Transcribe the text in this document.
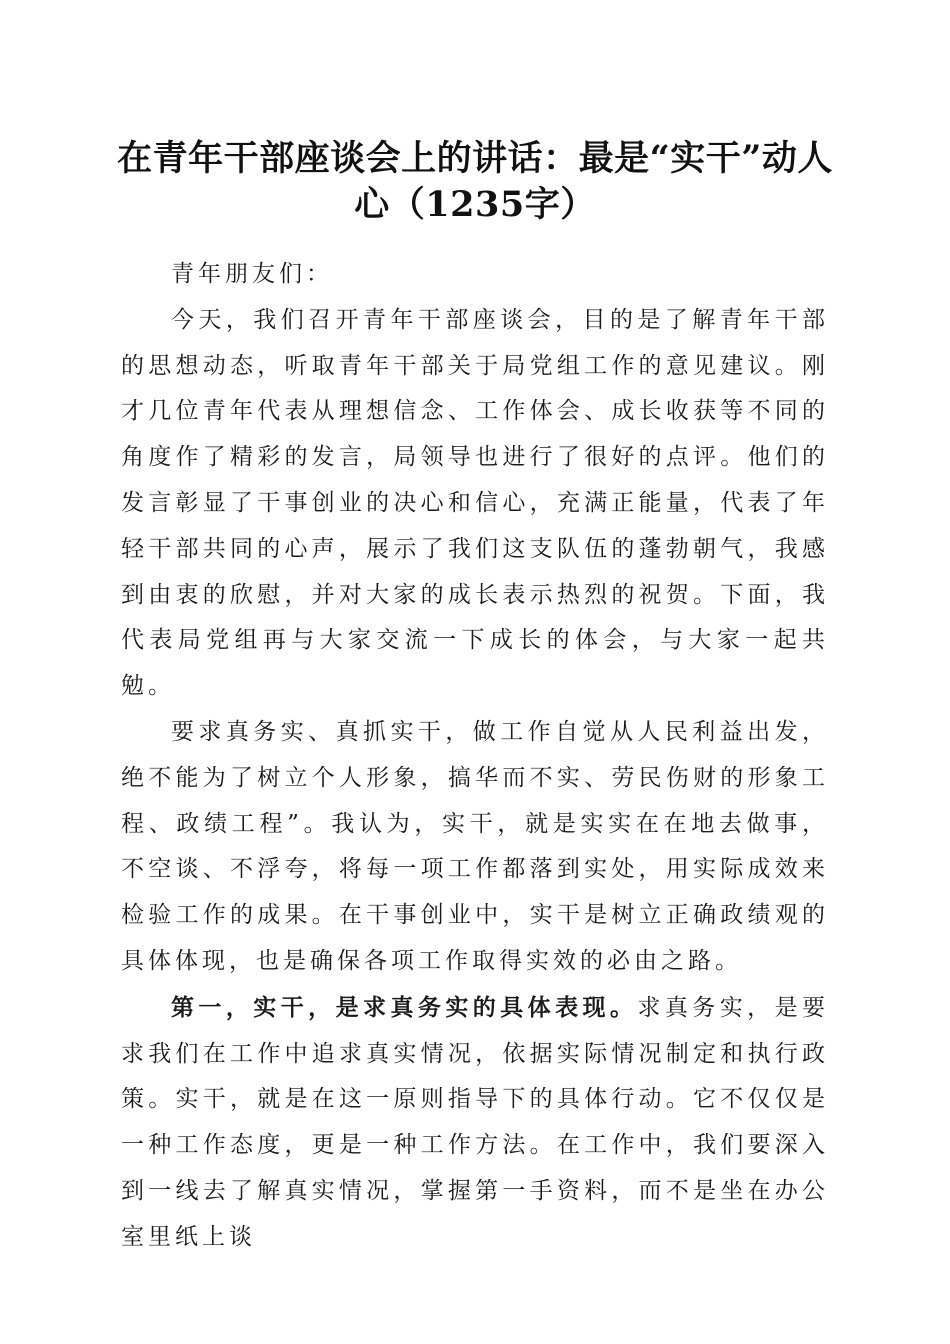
在青年干部座谈会上的讲话：最是“实干”动人心（1235字）

青年朋友们：

今天，我们召开青年干部座谈会，目的是了解青年干部的思想动态，听取青年干部关于局党组工作的意见建议。刚才几位青年代表从理想信念、工作体会、成长收获等不同的角度作了精彩的发言，局领导也进行了很好的点评。他们的发言彰显了干事创业的决心和信心，充满正能量，代表了年轻干部共同的心声，展示了我们这支队伍的蓬勃朝气，我感到由衷的欣慰，并对大家的成长表示热烈的祝贺。下面，我代表局党组再与大家交流一下成长的体会，与大家一起共勉。

要求真务实、真抓实干，做工作自觉从人民利益出发，绝不能为了树立个人形象，搞华而不实、劳民伤财的形象工程、政绩工程”。我认为，实干，就是实实在在地去做事，不空谈、不浮夸，将每一项工作都落到实处，用实际成效来检验工作的成果。在干事创业中，实干是树立正确政绩观的具体体现，也是确保各项工作取得实效的必由之路。

第一，实干，是求真务实的具体表现。求真务实，是要求我们在工作中追求真实情况，依据实际情况制定和执行政策。实干，就是在这一原则指导下的具体行动。它不仅仅是一种工作态度，更是一种工作方法。在工作中，我们要深入到一线去了解真实情况，掌握第一手资料，而不是坐在办公室里纸上谈
